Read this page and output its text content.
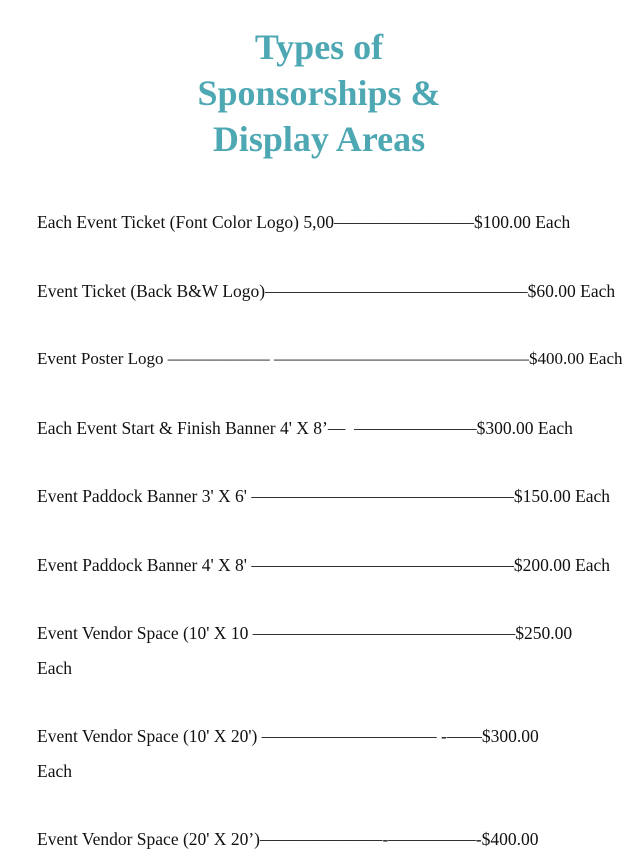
Types of
Sponsorships &
Display Areas
Each Event Ticket (Font Color Logo) 5,00————————$100.00 Each
Event Ticket (Back B&W Logo)———————————————$60.00 Each
Event Poster Logo —————— ———————————————$400.00 Each
Each Event Start & Finish Banner 4' X 8’—  ———————$300.00 Each
Event Paddock Banner 3' X 6' ———————————————$150.00 Each
Event Paddock Banner 4' X 8' ———————————————$200.00 Each
Event Vendor Space (10' X 10 ———————————————$250.00
Each
Event Vendor Space (10' X 20') —————————— -——$300.00
Each
Event Vendor Space (20' X 20’)———————-—————-$400.00
